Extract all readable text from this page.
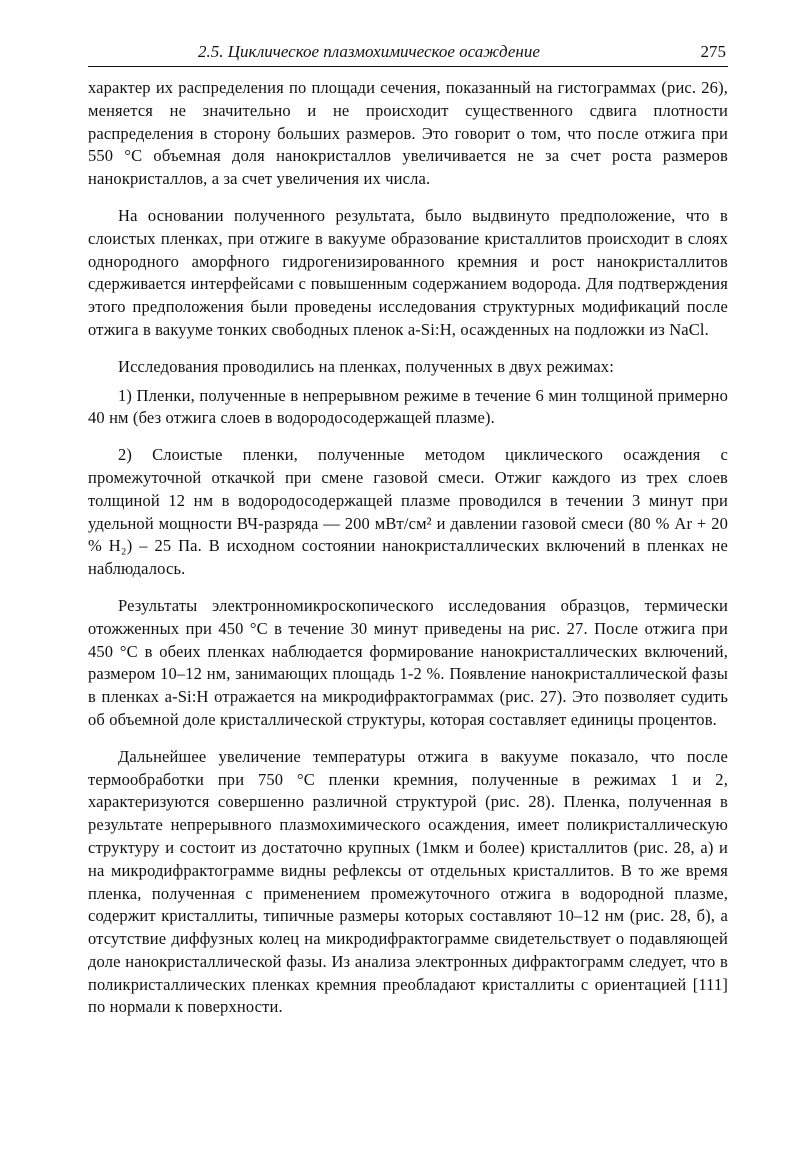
2.5. Циклическое плазмохимическое осаждение	275

характер их распределения по площади сечения, показанный на гистограммах (рис. 26), меняется не значительно и не происходит существенного сдвига плотности распределения в сторону больших размеров. Это говорит о том, что после отжига при 550 °С объемная доля нанокристаллов увеличивается не за счет роста размеров нанокристаллов, а за счет увеличения их числа.

На основании полученного результата, было выдвинуто предположение, что в слоистых пленках, при отжиге в вакууме образование кристаллитов происходит в слоях однородного аморфного гидрогенизированного кремния и рост нанокристаллитов сдерживается интерфейсами с повышенным содержанием водорода. Для подтверждения этого предположения были проведены исследования структурных модификаций после отжига в вакууме тонких свободных пленок a-Si:H, осажденных на подложки из NaCl.

Исследования проводились на пленках, полученных в двух режимах:

1) Пленки, полученные в непрерывном режиме в течение 6 мин толщиной примерно 40 нм (без отжига слоев в водородосодержащей плазме).

2) Слоистые пленки, полученные методом циклического осаждения с промежуточной откачкой при смене газовой смеси. Отжиг каждого из трех слоев толщиной 12 нм в водородосодержащей плазме проводился в течении 3 минут при удельной мощности ВЧ-разряда — 200 мВт/см² и давлении газовой смеси (80 % Ar + 20 % H₂) – 25 Па. В исходном состоянии нанокристаллических включений в пленках не наблюдалось.

Результаты электронномикроскопического исследования образцов, термически отожженных при 450 °С в течение 30 минут приведены на рис. 27. После отжига при 450 °С в обеих пленках наблюдается формирование нанокристаллических включений, размером 10–12 нм, занимающих площадь 1-2 %. Появление нанокристаллической фазы в пленках a-Si:H отражается на микродифрактограммах (рис. 27). Это позволяет судить об объемной доле кристаллической структуры, которая составляет единицы процентов.

Дальнейшее увеличение температуры отжига в вакууме показало, что после термообработки при 750 °С пленки кремния, полученные в режимах 1 и 2, характеризуются совершенно различной структурой (рис. 28). Пленка, полученная в результате непрерывного плазмохимического осаждения, имеет поликристаллическую структуру и состоит из достаточно крупных (1мкм и более) кристаллитов (рис. 28, а) и на микродифрактограмме видны рефлексы от отдельных кристаллитов. В то же время пленка, полученная с применением промежуточного отжига в водородной плазме, содержит кристаллиты, типичные размеры которых составляют 10–12 нм (рис. 28, б), а отсутствие диффузных колец на микродифрактограмме свидетельствует о подавляющей доле нанокристаллической фазы. Из анализа электронных дифрактограмм следует, что в поликристаллических пленках кремния преобладают кристаллиты с ориентацией [111] по нормали к поверхности.
